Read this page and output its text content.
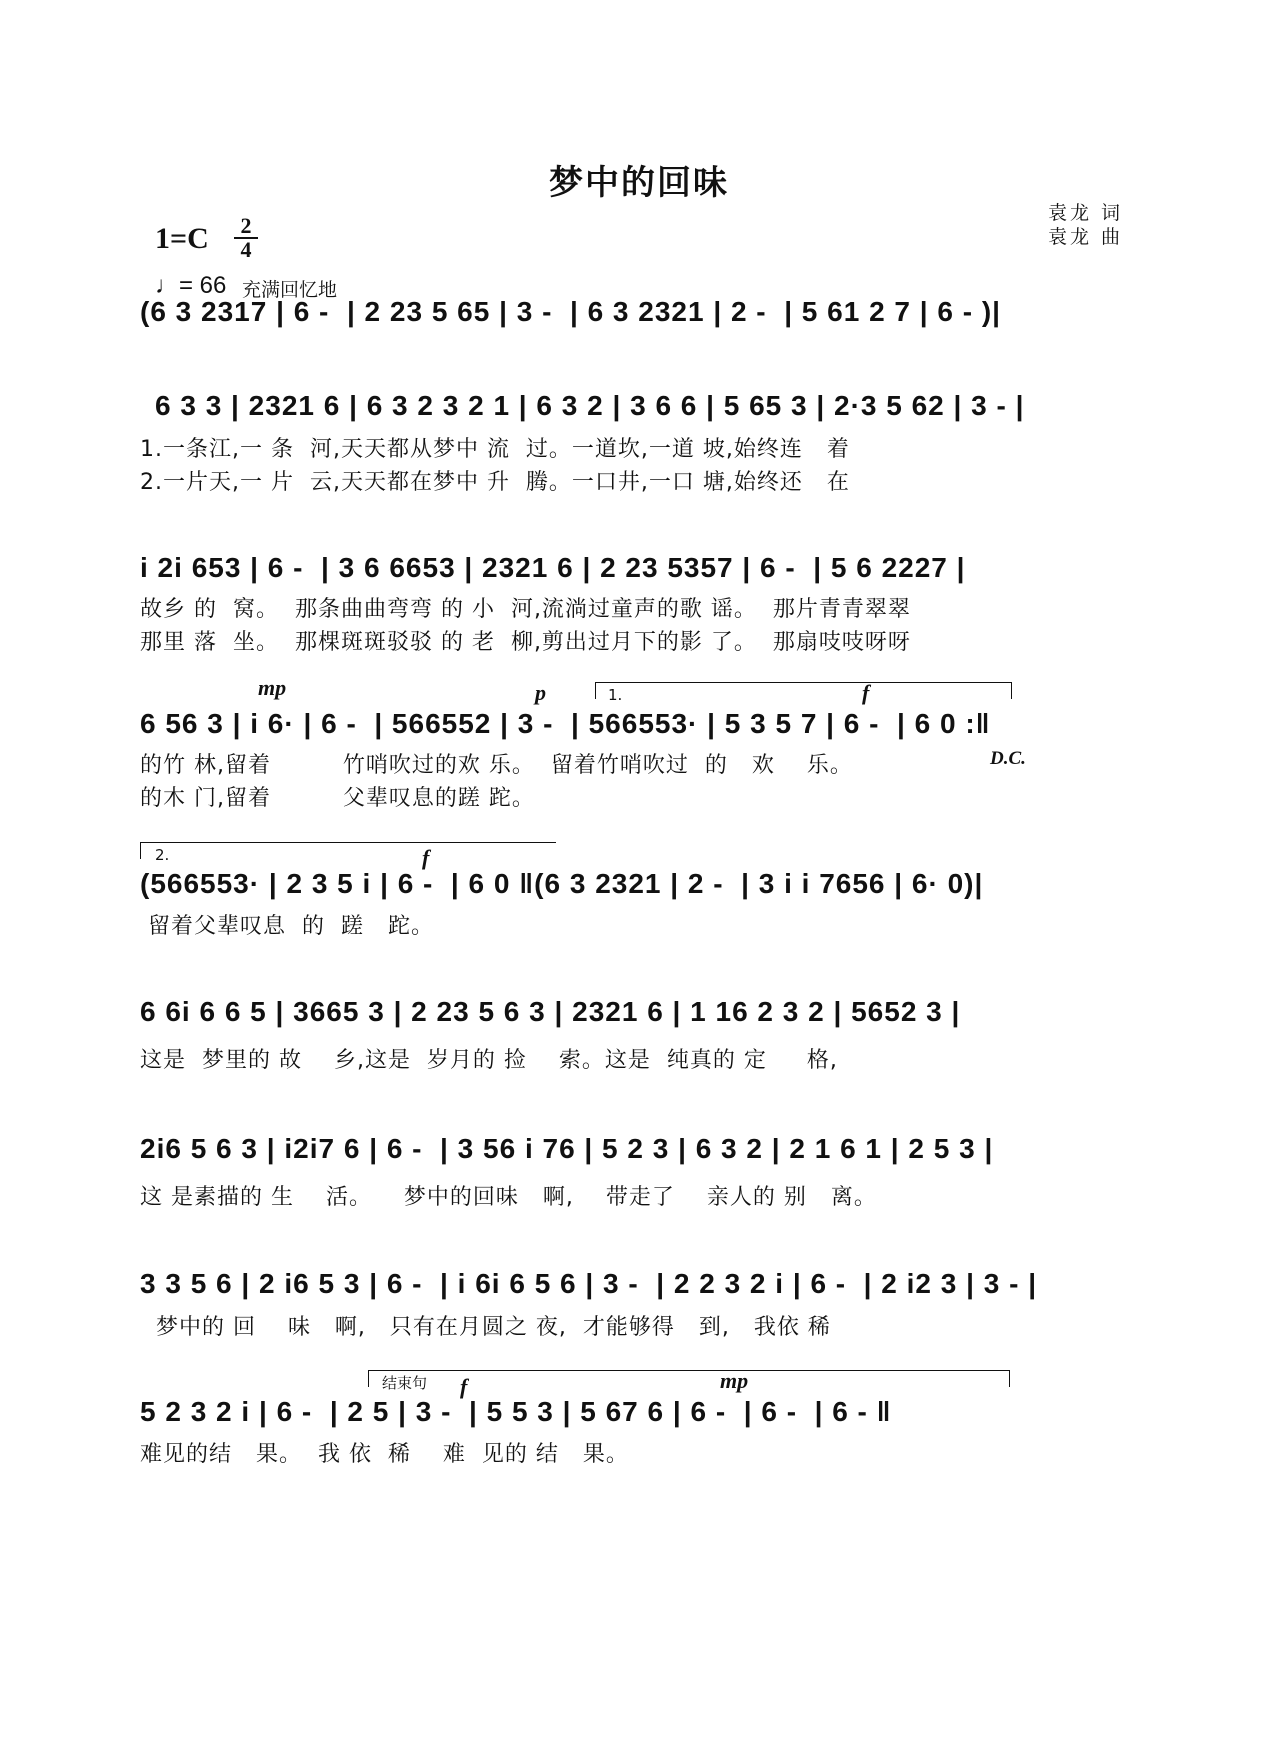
梦中的回味
1=C	2
4
♩= 66 充满回忆地
袁龙 词
袁龙 曲
(6 3 2317 | 6 -  | 2 23 5 65 | 3 -  | 6 3 2321 | 2 -  | 5 61 2 7 | 6 - )|
6 3 3 | 2321 6 | 6 3 2 3 2 1 | 6 3 2 | 3 6 6 | 5 65 3 | 2·3 5 62 | 3 - |
1.一条江,一 条  河,天天都从梦中 流  过。一道坎,一道 坡,始终连   着
2.一片天,一 片  云,天天都在梦中 升  腾。一口井,一口 塘,始终还   在
i 2i 653 | 6 -  | 3 6 6653 | 2321 6 | 2 23 5357 | 6 -  | 5 6 2227 |
故乡 的  窝。  那条曲曲弯弯 的 小  河,流淌过童声的歌 谣。  那片青青翠翠
那里 落  坐。  那棵斑斑驳驳 的 老  柳,剪出过月下的影 了。  那扇吱吱呀呀
mp	p	f
1.
6 56 3 | i 6· | 6 -  | 566552 | 3 -  | 566553· | 5 3 5 7 | 6 -  | 6 0 :‖
的竹 林,留着         竹哨吹过的欢 乐。  留着竹哨吹过  的   欢    乐。	D.C.
的木 门,留着         父辈叹息的蹉 跎。
2.	f
(566553· | 2 3 5 i | 6 -  | 6 0 ‖(6 3 2321 | 2 -  | 3 i i 7656 | 6· 0)|
留着父辈叹息  的  蹉   跎。
6 6i 6 6 5 | 3665 3 | 2 23 5 6 3 | 2321 6 | 1 16 2 3 2 | 5652 3 |
这是  梦里的 故    乡,这是  岁月的 捡    索。这是  纯真的 定     格,
2i6 5 6 3 | i2i7 6 | 6 -  | 3 56 i 76 | 5 2 3 | 6 3 2 | 2 1 6 1 | 2 5 3 |
这 是素描的 生    活。    梦中的回味   啊,    带走了    亲人的 别   离。
3 3 5 6 | 2 i6 5 3 | 6 -  | i 6i 6 5 6 | 3 -  | 2 2 3 2 i | 6 -  | 2 i2 3 | 3 - |
梦中的 回    味   啊,   只有在月圆之 夜,  才能够得   到,   我依 稀
结束句 f	mp
5 2 3 2 i | 6 -  | 2 5 | 3 -  | 5 5 3 | 5 67 6 | 6 -  | 6 -  | 6 - ‖
难见的结   果。  我 依  稀    难  见的 结   果。
